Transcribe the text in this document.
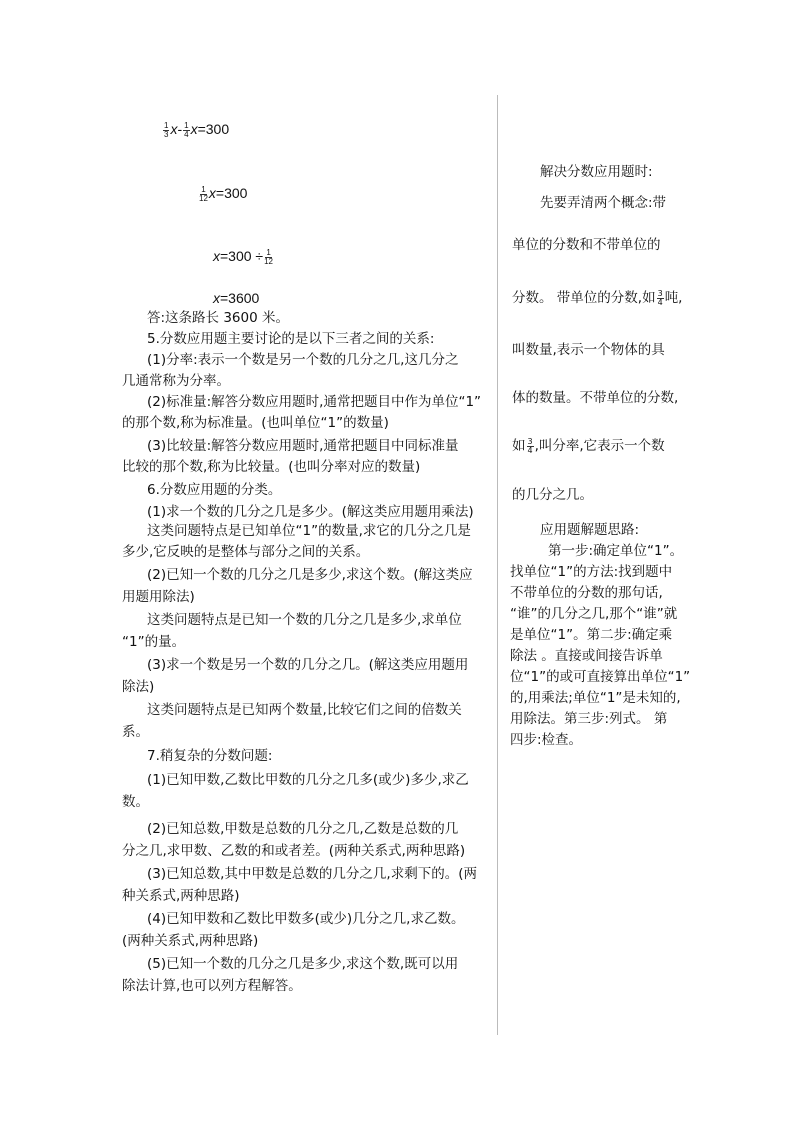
$\frac{1}{3} x- \frac{1}{4} x=300$
$\frac{1}{12} x=300$
$x=300 \div \frac{1}{12}$
x=3600
答:这条路长 3600 米。
5.分数应用题主要讨论的是以下三者之间的关系:
(1)分率:表示一个数是另一个数的几分之几,这几分之
几通常称为分率。
(2)标准量:解答分数应用题时,通常把题目中作为单位“1”
的那个数,称为标准量。(也叫单位“1”的数量)
(3)比较量:解答分数应用题时,通常把题目中同标准量
比较的那个数,称为比较量。(也叫分率对应的数量)
6.分数应用题的分类。
(1)求一个数的几分之几是多少。(解这类应用题用乘法)
这类问题特点是已知单位“1”的数量,求它的几分之几是
多少,它反映的是整体与部分之间的关系。
(2)已知一个数的几分之几是多少,求这个数。(解这类应
用题用除法)
这类问题特点是已知一个数的几分之几是多少,求单位
“1”的量。
(3)求一个数是另一个数的几分之几。(解这类应用题用
除法)
这类问题特点是已知两个数量,比较它们之间的倍数关
系。
7.稍复杂的分数问题:
(1)已知甲数,乙数比甲数的几分之几多(或少)多少,求乙
数。
(2)已知总数,甲数是总数的几分之几,乙数是总数的几
分之几,求甲数、乙数的和或者差。(两种关系式,两种思路)
(3)已知总数,其中甲数是总数的几分之几,求剩下的。(两
种关系式,两种思路)
(4)已知甲数和乙数比甲数多(或少)几分之几,求乙数。
(两种关系式,两种思路)
(5)已知一个数的几分之几是多少,求这个数,既可以用
除法计算,也可以列方程解答。
解决分数应用题时:
先要弄清两个概念:带
单位的分数和不带单位的
分数。 带单位的分数,如 $\frac{3}{4}$ 吨,
叫数量,表示一个物体的具
体的数量。不带单位的分数,
如 $\frac{3}{4}$ ,叫分率,它表示一个数
的几分之几。
应用题解题思路:
第一步:确定单位“1”。
找单位“1”的方法:找到题中
不带单位的分数的那句话,
“谁”的几分之几,那个“谁”就
是单位“1”。第二步:确定乘
除法 。直接或间接告诉单
位“1”的或可直接算出单位“1”
的,用乘法;单位“1”是未知的,
用除法。第三步:列式。 第
四步:检查。
